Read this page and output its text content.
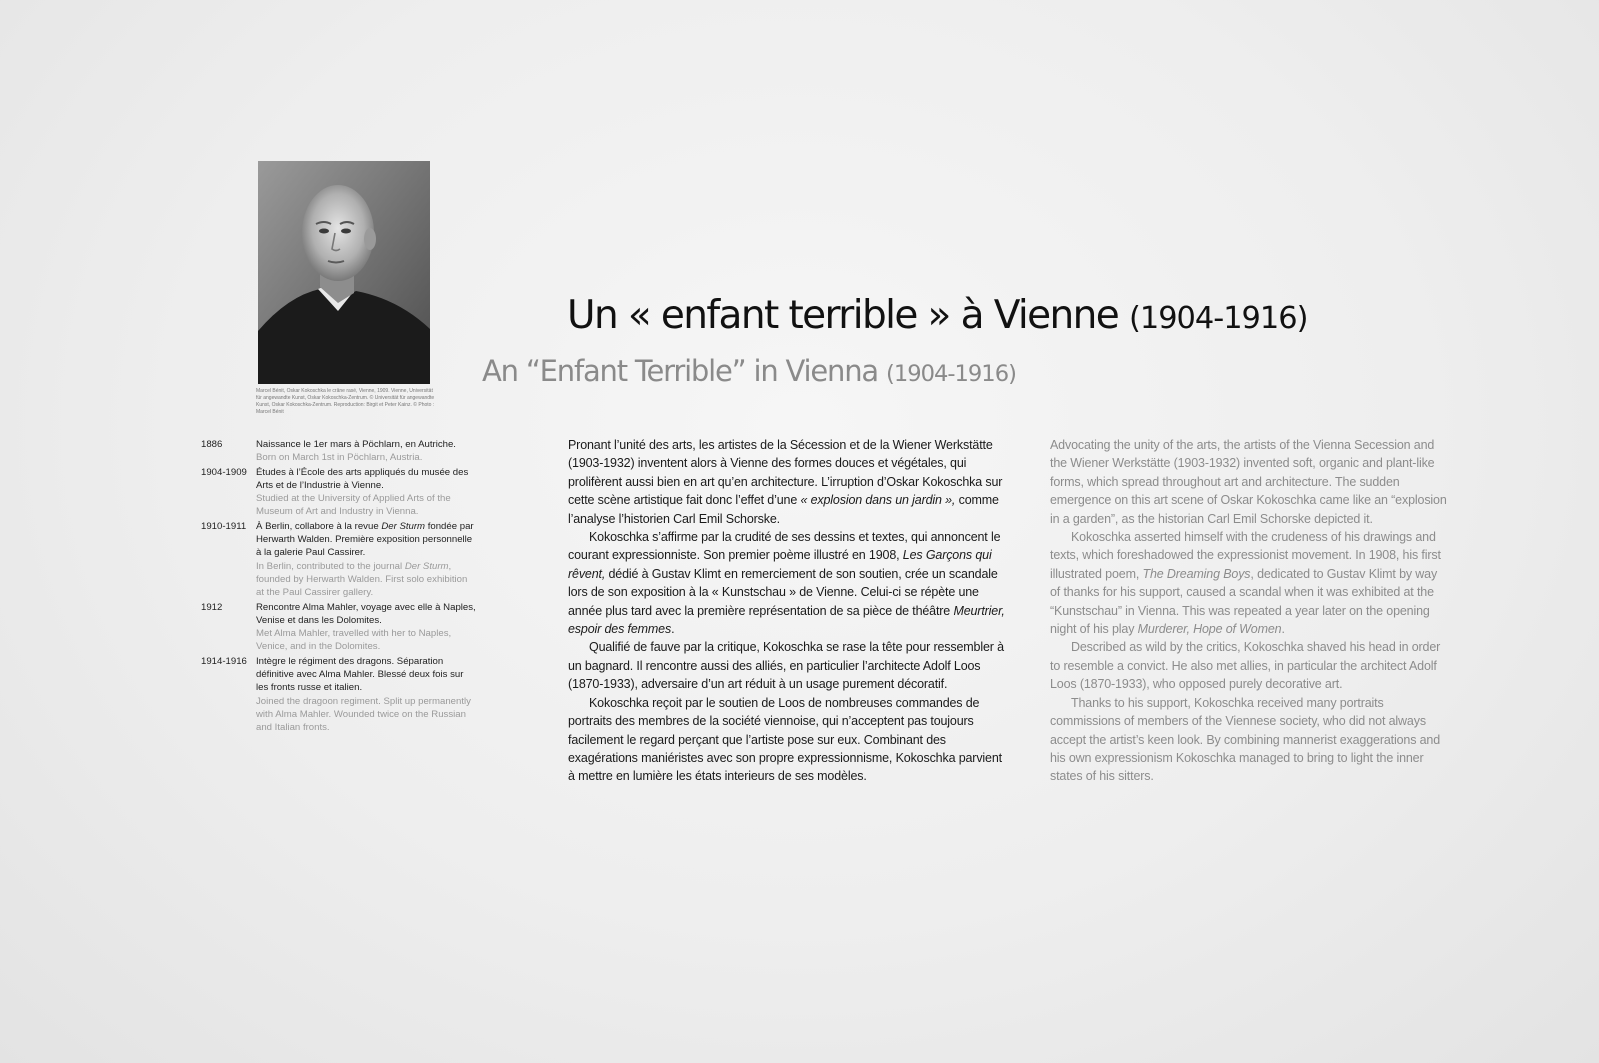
Marcel Bénit, Oskar Kokoschka le crâne rasé, Vienne, 1909. Vienne, Universität für angewandte Kunst, Oskar Kokoschka-Zentrum. © Universität für angewandte Kunst, Oskar Kokoschka-Zentrum. Reproduction: Birgit et Peter Kainz. © Photo : Marcel Bénit
Un « enfant terrible » à Vienne (1904-1916)
An “Enfant Terrible” in Vienna (1904-1916)
1886	Naissance le 1er mars à Pöchlarn, en Autriche.
Born on March 1st in Pöchlarn, Austria.
1904-1909 Études à l’École des arts appliqués du musée des Arts et de l’Industrie à Vienne.
Studied at the University of Applied Arts of the Museum of Art and Industry in Vienna.
1910-1911	À Berlin, collabore à la revue Der Sturm fondée par Herwarth Walden. Première exposition personnelle à la galerie Paul Cassirer.
In Berlin, contributed to the journal Der Sturm, founded by Herwarth Walden. First solo exhibition at the Paul Cassirer gallery.
1912	Rencontre Alma Mahler, voyage avec elle à Naples, Venise et dans les Dolomites.
Met Alma Mahler, travelled with her to Naples, Venice, and in the Dolomites.
1914-1916 Intègre le régiment des dragons. Séparation définitive avec Alma Mahler. Blessé deux fois sur les fronts russe et italien.
Joined the dragoon regiment. Split up permanently with Alma Mahler. Wounded twice on the Russian and Italian fronts.

Pronant l’unité des arts, les artistes de la Sécession et de la Wiener Werkstätte (1903-1932) inventent alors à Vienne des formes douces et végétales, qui prolifèrent aussi bien en art qu’en architecture. L’irruption d’Oskar Kokoschka sur cette scène artistique fait donc l’effet d’une « explosion dans un jardin », comme l’analyse l’historien Carl Emil Schorske.

Kokoschka s’affirme par la crudité de ses dessins et textes, qui annoncent le courant expressionniste. Son premier poème illustré en 1908, Les Garçons qui rêvent, dédié à Gustav Klimt en remerciement de son soutien, crée un scandale lors de son exposition à la « Kunstschau » de Vienne. Celui-ci se répète une année plus tard avec la première représentation de sa pièce de théâtre Meurtrier, espoir des femmes.

Qualifié de fauve par la critique, Kokoschka se rase la tête pour ressembler à un bagnard. Il rencontre aussi des alliés, en particulier l’architecte Adolf Loos (1870-1933), adversaire d’un art réduit à un usage purement décoratif.

Kokoschka reçoit par le soutien de Loos de nombreuses commandes de portraits des membres de la société viennoise, qui n’acceptent pas toujours facilement le regard perçant que l’artiste pose sur eux. Combinant des exagérations maniéristes avec son propre expressionnisme, Kokoschka parvient à mettre en lumière les états interieurs de ses modèles.

Advocating the unity of the arts, the artists of the Vienna Secession and the Wiener Werkstätte (1903-1932) invented soft, organic and plant-like forms, which spread throughout art and architecture. The sudden emergence on this art scene of Oskar Kokoschka came like an “explosion in a garden”, as the historian Carl Emil Schorske depicted it.

Kokoschka asserted himself with the crudeness of his drawings and texts, which foreshadowed the expressionist movement. In 1908, his first illustrated poem, The Dreaming Boys, dedicated to Gustav Klimt by way of thanks for his support, caused a scandal when it was exhibited at the “Kunstschau” in Vienna. This was repeated a year later on the opening night of his play Murderer, Hope of Women.

Described as wild by the critics, Kokoschka shaved his head in order to resemble a convict. He also met allies, in particular the architect Adolf Loos (1870-1933), who opposed purely decorative art.

Thanks to his support, Kokoschka received many portraits commissions of members of the Viennese society, who did not always accept the artist’s keen look. By combining mannerist exaggerations and his own expressionism Kokoschka managed to bring to light the inner states of his sitters.
